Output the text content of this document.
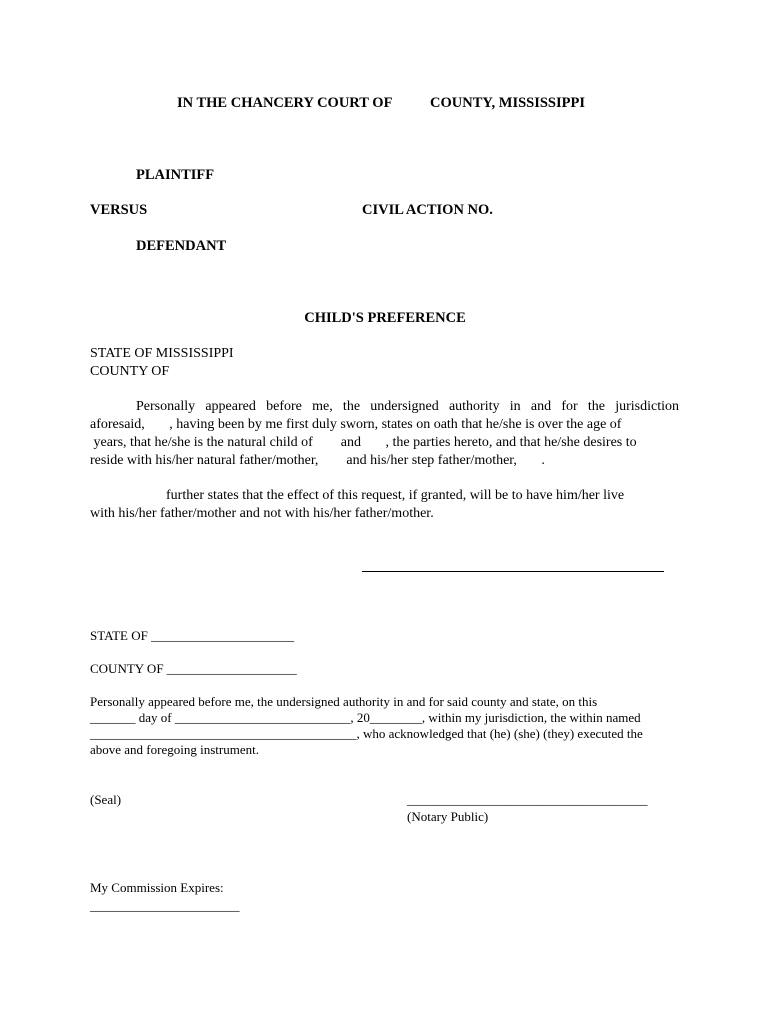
IN THE CHANCERY COURT OF	COUNTY, MISSISSIPPI
PLAINTIFF
VERSUS	CIVIL ACTION NO.
DEFENDANT
CHILD'S PREFERENCE
STATE OF MISSISSIPPI
COUNTY OF
Personally appeared before me, the undersigned authority in and for the jurisdiction
aforesaid,       , having been by me first duly sworn, states on oath that he/she is over the age of
years, that he/she is the natural child of        and       , the parties hereto, and that he/she desires to
reside with his/her natural father/mother,        and his/her step father/mother,       .
further states that the effect of this request, if granted, will be to have him/her live
with his/her father/mother and not with his/her father/mother.
STATE OF ______________________
COUNTY OF ____________________
Personally appeared before me, the undersigned authority in and for said county and state, on this
_______ day of ___________________________, 20________, within my jurisdiction, the within named
_________________________________________, who acknowledged that (he) (she) (they) executed the
above and foregoing instrument.
(Seal)	_____________________________________
(Notary Public)
My Commission Expires:
_______________________
